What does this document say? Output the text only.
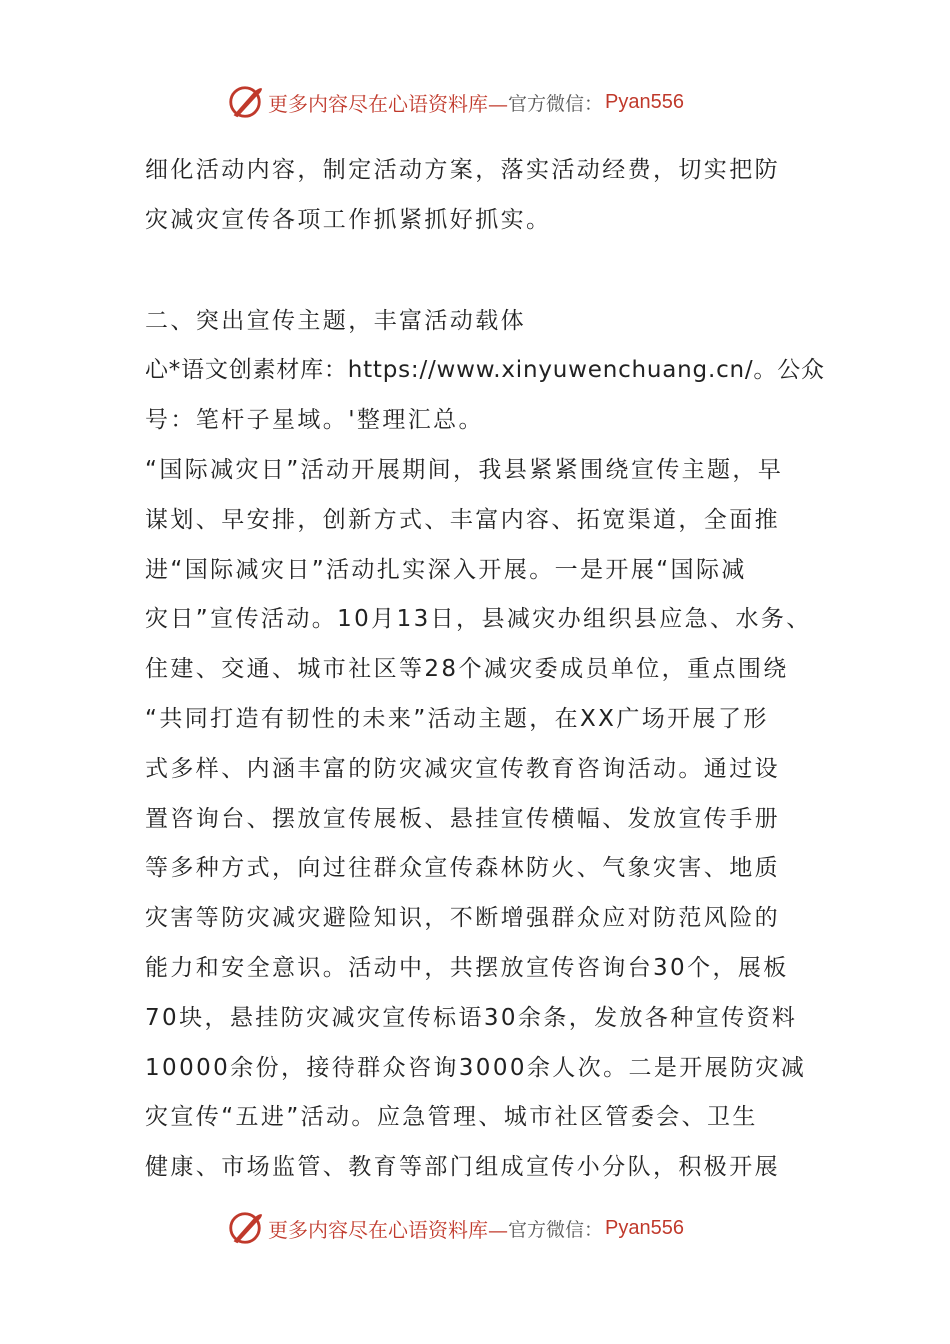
更多内容尽在心语资料库— 官方微信： Pyan556
细化活动内容，制定活动方案，落实活动经费，切实把防
灾减灾宣传各项工作抓紧抓好抓实。
二、突出宣传主题，丰富活动载体
心*语文创素材库：https://www.xinyuwenchuang.cn/。公众
号：笔杆子星域。'整理汇总。
“国际减灾日”活动开展期间，我县紧紧围绕宣传主题，早
谋划、早安排，创新方式、丰富内容、拓宽渠道，全面推
进“国际减灾日”活动扎实深入开展。一是开展“国际减
灾日”宣传活动。10月13日，县减灾办组织县应急、水务、
住建、交通、城市社区等28个减灾委成员单位，重点围绕
“共同打造有韧性的未来”活动主题，在XX广场开展了形
式多样、内涵丰富的防灾减灾宣传教育咨询活动。通过设
置咨询台、摆放宣传展板、悬挂宣传横幅、发放宣传手册
等多种方式，向过往群众宣传森林防火、气象灾害、地质
灾害等防灾减灾避险知识，不断增强群众应对防范风险的
能力和安全意识。活动中，共摆放宣传咨询台30个，展板
70块，悬挂防灾减灾宣传标语30余条，发放各种宣传资料
10000余份，接待群众咨询3000余人次。二是开展防灾减
灾宣传“五进”活动。应急管理、城市社区管委会、卫生
健康、市场监管、教育等部门组成宣传小分队，积极开展
更多内容尽在心语资料库— 官方微信： Pyan556
